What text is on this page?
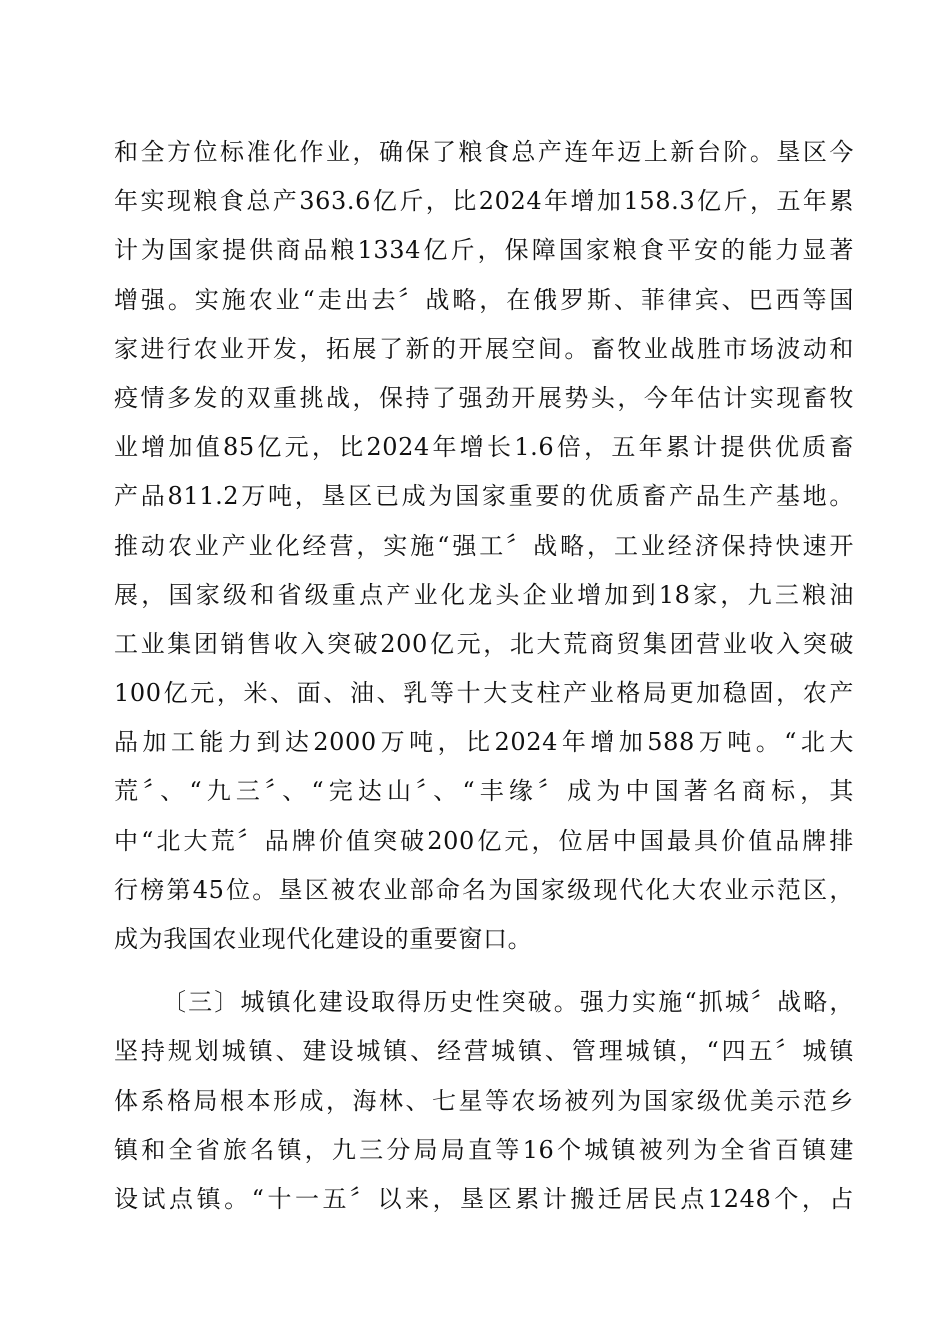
和全方位标准化作业，确保了粮食总产连年迈上新台阶。垦区今
年实现粮食总产363.6亿斤，比2024年增加158.3亿斤，五年累
计为国家提供商品粮1334亿斤，保障国家粮食平安的能力显著
增强。实施农业“走出去〞战略，在俄罗斯、菲律宾、巴西等国
家进行农业开发，拓展了新的开展空间。畜牧业战胜市场波动和
疫情多发的双重挑战，保持了强劲开展势头，今年估计实现畜牧
业增加值85亿元，比2024年增长1.6倍，五年累计提供优质畜
产品811.2万吨，垦区已成为国家重要的优质畜产品生产基地。
推动农业产业化经营，实施“强工〞战略，工业经济保持快速开
展，国家级和省级重点产业化龙头企业增加到18家，九三粮油
工业集团销售收入突破200亿元，北大荒商贸集团营业收入突破
100亿元，米、面、油、乳等十大支柱产业格局更加稳固，农产
品加工能力到达2000万吨，比2024年增加588万吨。“北大
荒〞、“九三〞、“完达山〞、“丰缘〞成为中国著名商标，其
中“北大荒〞品牌价值突破200亿元，位居中国最具价值品牌排
行榜第45位。垦区被农业部命名为国家级现代化大农业示范区，
成为我国农业现代化建设的重要窗口。
〔三〕城镇化建设取得历史性突破。强力实施“抓城〞战略，
坚持规划城镇、建设城镇、经营城镇、管理城镇，“四五〞城镇
体系格局根本形成，海林、七星等农场被列为国家级优美示范乡
镇和全省旅名镇，九三分局局直等16个城镇被列为全省百镇建
设试点镇。“十一五〞以来，垦区累计搬迁居民点1248个，占
